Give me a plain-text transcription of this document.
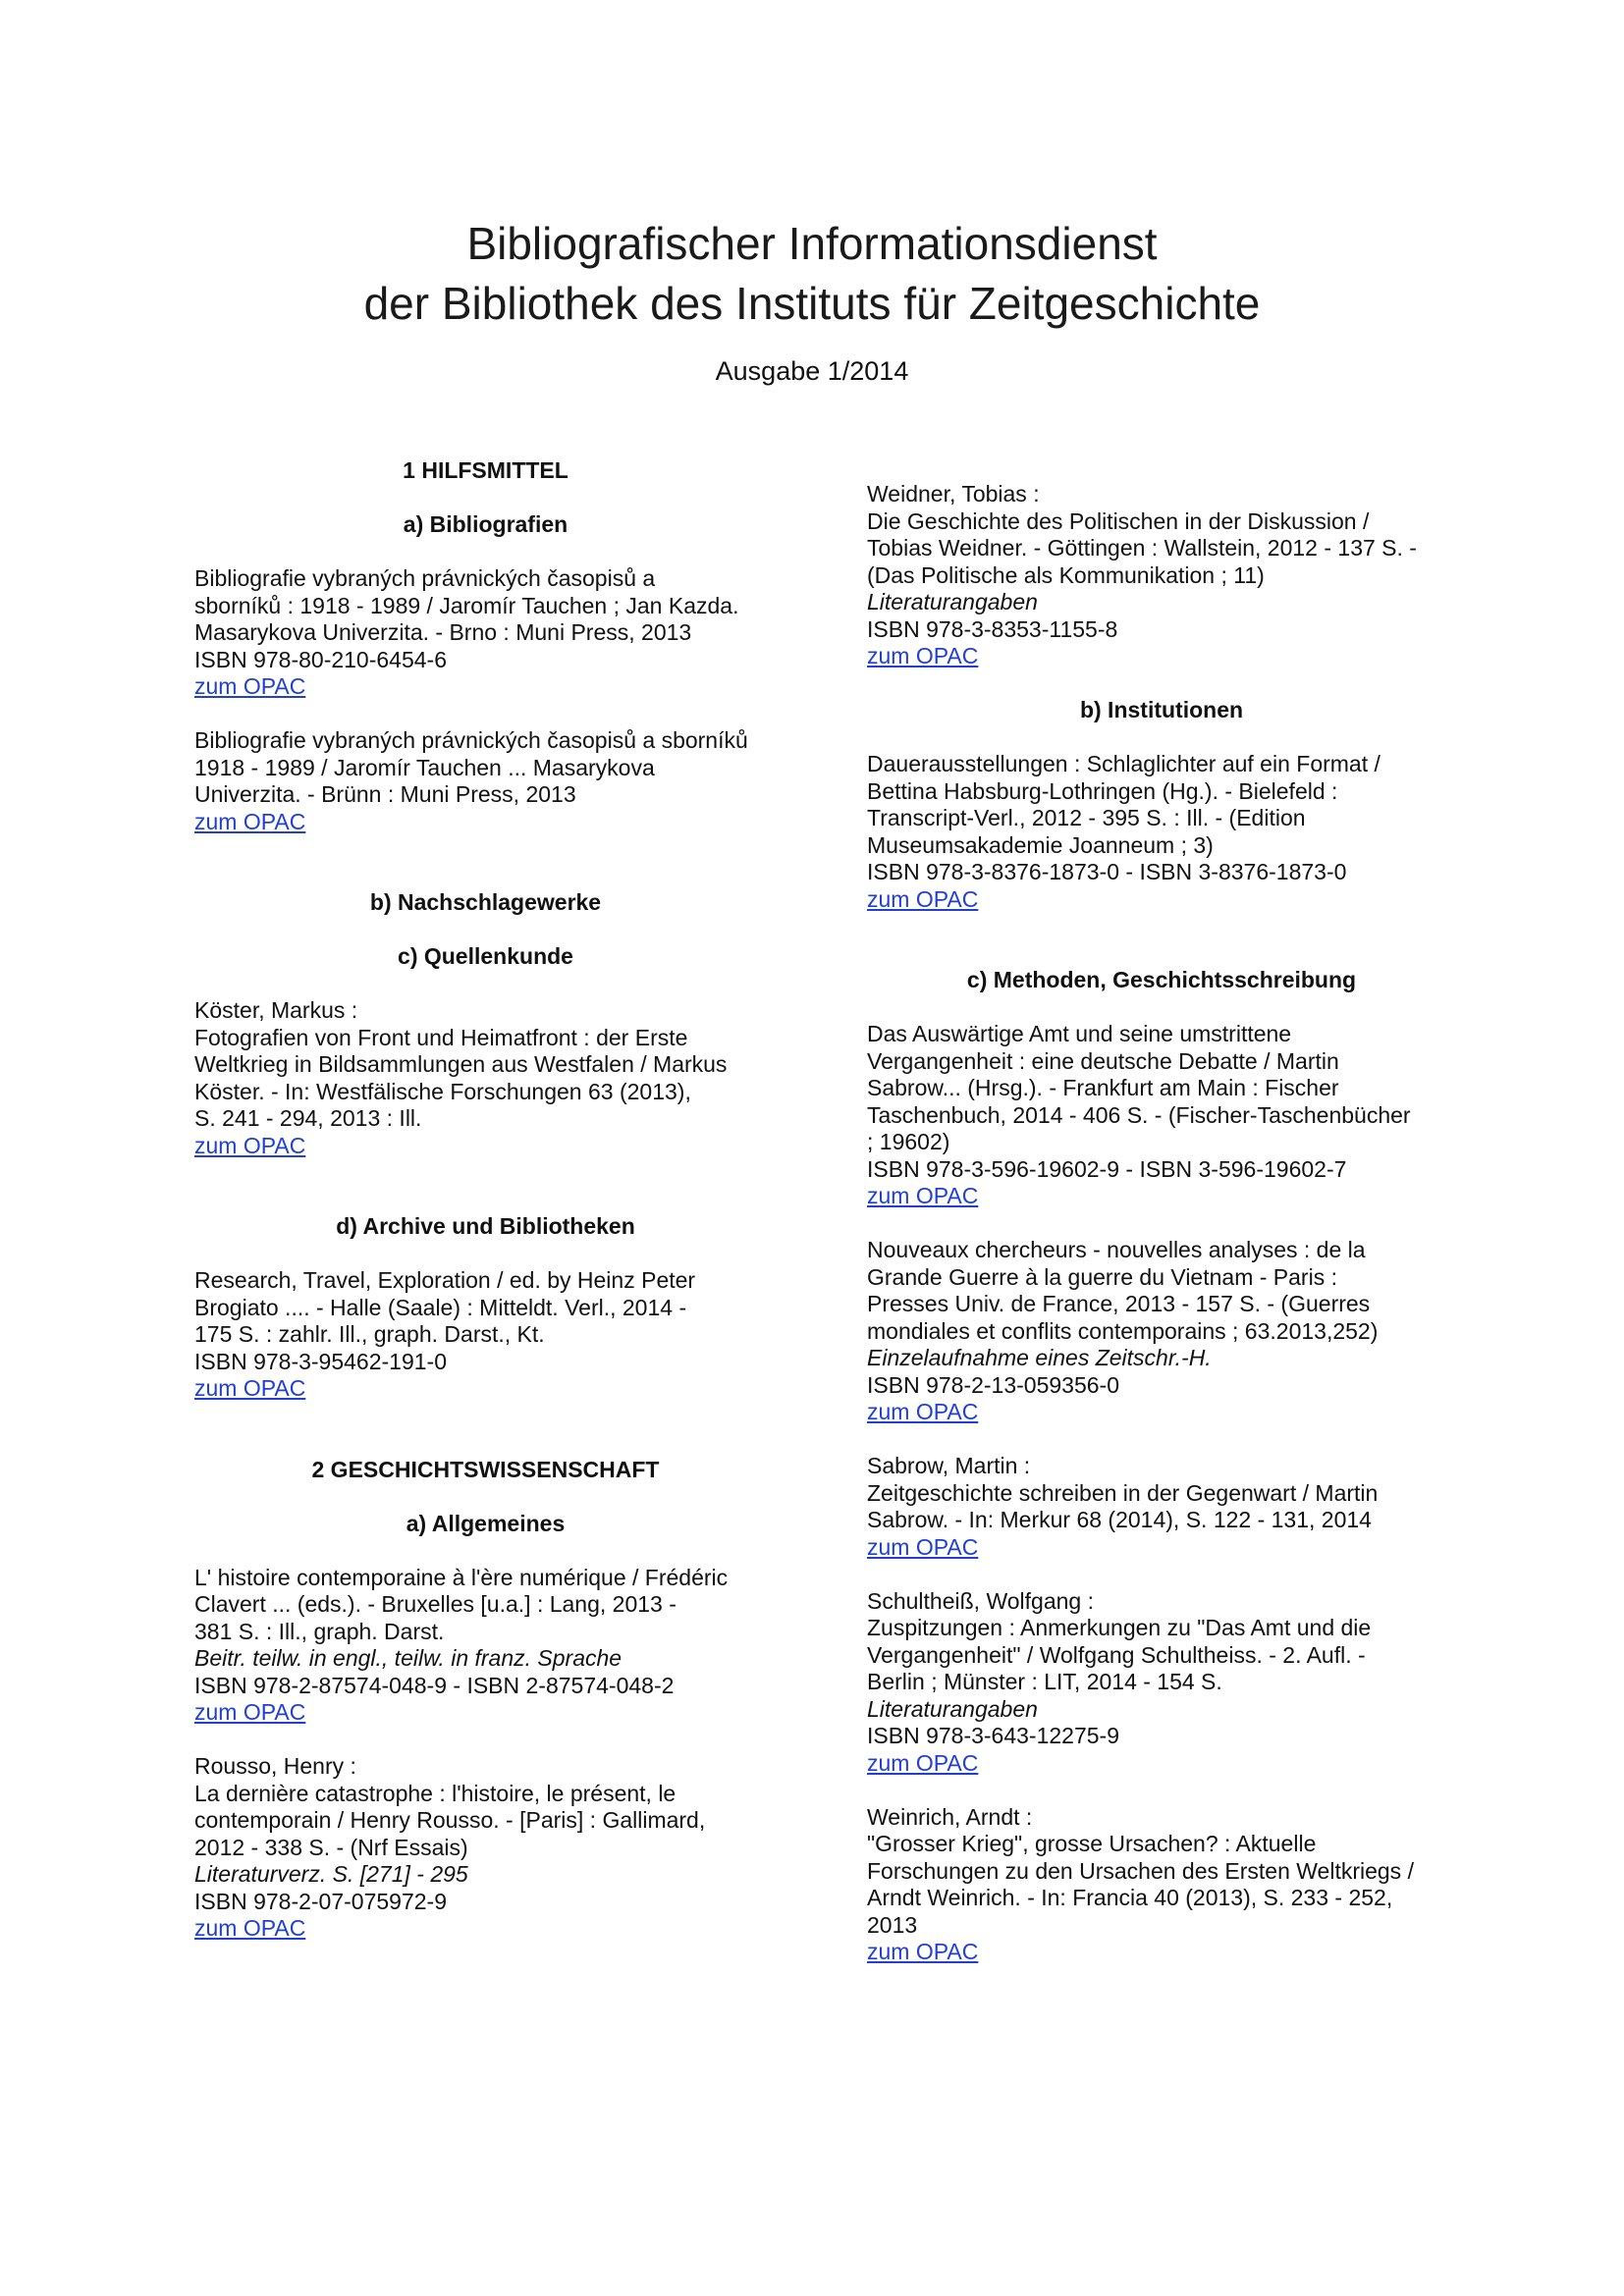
Bibliografischer Informationsdienst
der Bibliothek des Instituts für Zeitgeschichte
Ausgabe 1/2014
1 HILFSMITTEL
a) Bibliografien
Bibliografie vybraných právnických časopisů a
sborníků : 1918 - 1989 / Jaromír Tauchen ; Jan Kazda.
Masarykova Univerzita. - Brno : Muni Press, 2013
ISBN 978-80-210-6454-6
zum OPAC
Bibliografie vybraných právnických časopisů a sborníků
1918 - 1989 / Jaromír Tauchen ... Masarykova
Univerzita. - Brünn : Muni Press, 2013
zum OPAC
b) Nachschlagewerke
c) Quellenkunde
Köster, Markus :
Fotografien von Front und Heimatfront : der Erste
Weltkrieg in Bildsammlungen aus Westfalen / Markus
Köster. - In: Westfälische Forschungen 63 (2013),
S. 241 - 294, 2013 : Ill.
zum OPAC
d) Archive und Bibliotheken
Research, Travel, Exploration / ed. by Heinz Peter
Brogiato .... - Halle (Saale) : Mitteldt. Verl., 2014 -
175 S. : zahlr. Ill., graph. Darst., Kt.
ISBN 978-3-95462-191-0
zum OPAC
2 GESCHICHTSWISSENSCHAFT
a) Allgemeines
L' histoire contemporaine à l'ère numérique / Frédéric
Clavert ... (eds.). - Bruxelles [u.a.] : Lang, 2013 -
381 S. : Ill., graph. Darst.
Beitr. teilw. in engl., teilw. in franz. Sprache
ISBN 978-2-87574-048-9 - ISBN 2-87574-048-2
zum OPAC
Rousso, Henry :
La dernière catastrophe : l'histoire, le présent, le
contemporain / Henry Rousso. - [Paris] : Gallimard,
2012 - 338 S. - (Nrf Essais)
Literaturverz. S. [271] - 295
ISBN 978-2-07-075972-9
zum OPAC
Weidner, Tobias :
Die Geschichte des Politischen in der Diskussion /
Tobias Weidner. - Göttingen : Wallstein, 2012 - 137 S. -
(Das Politische als Kommunikation ; 11)
Literaturangaben
ISBN 978-3-8353-1155-8
zum OPAC
b) Institutionen
Dauerausstellungen : Schlaglichter auf ein Format /
Bettina Habsburg-Lothringen (Hg.). - Bielefeld :
Transcript-Verl., 2012 - 395 S. : Ill. - (Edition
Museumsakademie Joanneum ; 3)
ISBN 978-3-8376-1873-0 - ISBN 3-8376-1873-0
zum OPAC
c) Methoden, Geschichtsschreibung
Das Auswärtige Amt und seine umstrittene
Vergangenheit : eine deutsche Debatte / Martin
Sabrow... (Hrsg.). - Frankfurt am Main : Fischer
Taschenbuch, 2014 - 406 S. - (Fischer-Taschenbücher
; 19602)
ISBN 978-3-596-19602-9 - ISBN 3-596-19602-7
zum OPAC
Nouveaux chercheurs - nouvelles analyses : de la
Grande Guerre à la guerre du Vietnam - Paris :
Presses Univ. de France, 2013 - 157 S. - (Guerres
mondiales et conflits contemporains ; 63.2013,252)
Einzelaufnahme eines Zeitschr.-H.
ISBN 978-2-13-059356-0
zum OPAC
Sabrow, Martin :
Zeitgeschichte schreiben in der Gegenwart / Martin
Sabrow. - In: Merkur 68 (2014), S. 122 - 131, 2014
zum OPAC
Schultheiß, Wolfgang :
Zuspitzungen : Anmerkungen zu "Das Amt und die
Vergangenheit" / Wolfgang Schultheiss. - 2. Aufl. -
Berlin ; Münster : LIT, 2014 - 154 S.
Literaturangaben
ISBN 978-3-643-12275-9
zum OPAC
Weinrich, Arndt :
"Grosser Krieg", grosse Ursachen? : Aktuelle
Forschungen zu den Ursachen des Ersten Weltkriegs /
Arndt Weinrich. - In: Francia 40 (2013), S. 233 - 252,
2013
zum OPAC
